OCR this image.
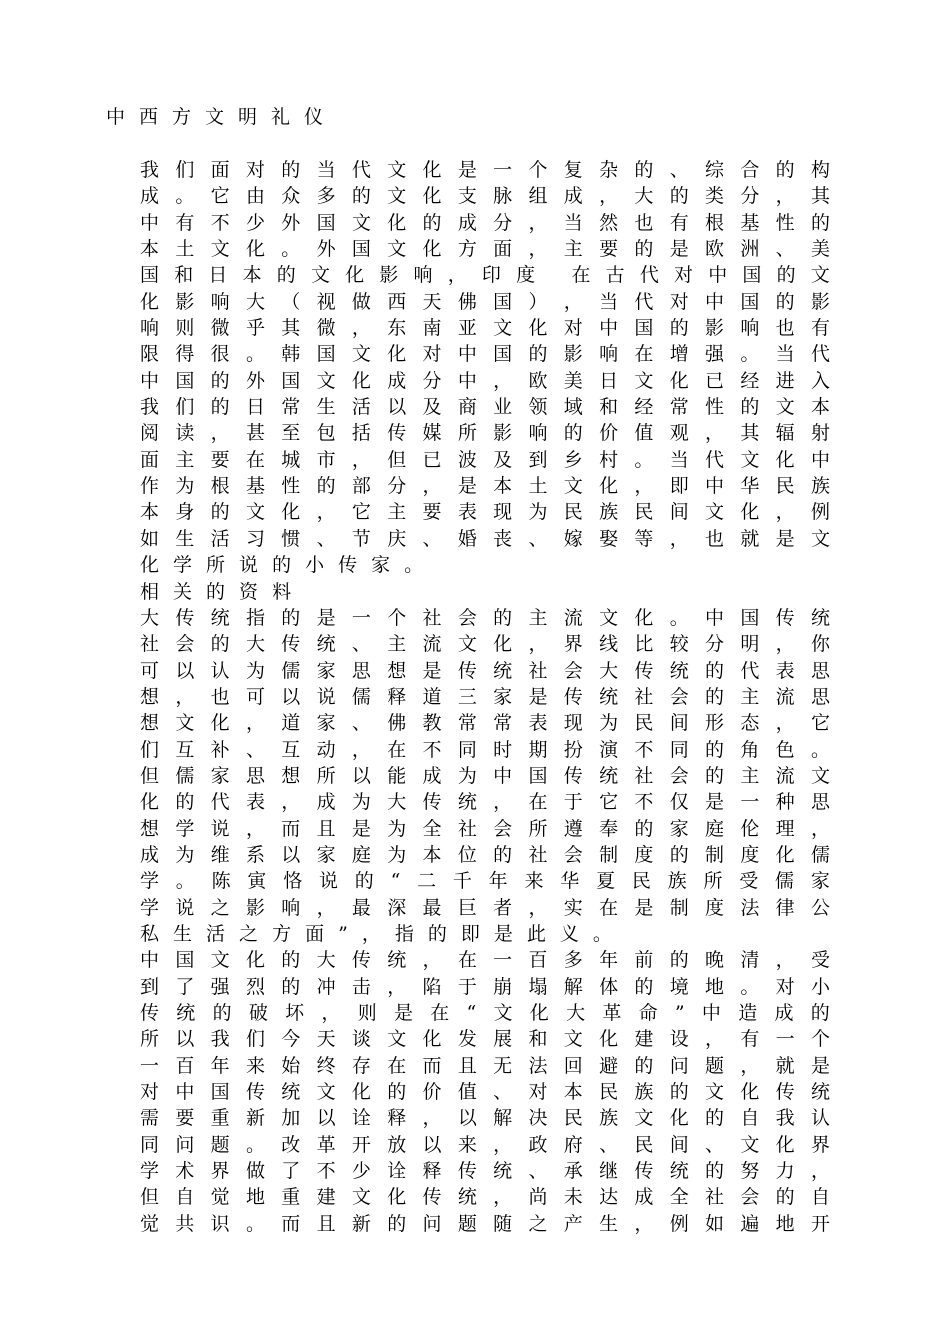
中西方文明礼仪
我 们 面 对 的 当 代 文 化 是 一 个 复 杂 的 、 综 合 的 构
成 。 它 由 众 多 的 文 化 支 脉 组 成 ， 大 的 类 分 ， 其
中 有 不 少 外 国 文 化 的 成 分 ， 当 然 也 有 根 基 性 的
本 土 文 化 。 外 国 文 化 方 面 ， 主 要 的 是 欧 洲 、 美
国 和 日 本 的 文 化 影 响 ， 印 度
在 古 代 对 中 国 的 文
化 影 响 大 （ 视 做 西 天 佛 国 ） ， 当 代 对 中 国 的 影
响 则 微 乎 其 微 ， 东 南 亚 文 化 对 中 国 的 影 响 也 有
限 得 很 。 韩 国 文 化 对 中 国 的 影 响 在 增 强 。 当 代
中 国 的 外 国 文 化 成 分 中 ， 欧 美 日 文 化 已 经 进 入
我 们 的 日 常 生 活 以 及 商 业 领 域 和 经 常 性 的 文 本
阅 读 ， 甚 至 包 括 传 媒 所 影 响 的 价 值 观 ， 其 辐 射
面 主 要 在 城 市 ， 但 已 波 及 到 乡 村 。 当 代 文 化 中
作 为 根 基 性 的 部 分 ， 是 本 土 文 化 ， 即 中 华 民 族
本 身 的 文 化 ， 它 主 要 表 现 为 民 族 民 间 文 化 ， 例
如 生 活 习 惯 、 节 庆 、 婚 丧 、 嫁 娶 等 ， 也 就 是 文
化 学 所 说 的 小 传 家 。
相 关 的 资 料
大 传 统 指 的 是 一 个 社 会 的 主 流 文 化 。 中 国 传 统
社 会 的 大 传 统 、 主 流 文 化 ， 界 线 比 较 分 明 ， 你
可 以 认 为 儒 家 思 想 是 传 统 社 会 大 传 统 的 代 表 思
想 ， 也 可 以 说 儒 释 道 三 家 是 传 统 社 会 的 主 流 思
想 文 化 ， 道 家 、 佛 教 常 常 表 现 为 民 间 形 态 ， 它
们 互 补 、 互 动 ， 在 不 同 时 期 扮 演 不 同 的 角 色 。
但 儒 家 思 想 所 以 能 成 为 中 国 传 统 社 会 的 主 流 文
化 的 代 表 ， 成 为 大 传 统 ， 在 于 它 不 仅 是 一 种 思
想 学 说 ， 而 且 是 为 全 社 会 所 遵 奉 的 家 庭 伦 理 ，
成 为 维 系 以 家 庭 为 本 位 的 社 会 制 度 的 制 度 化 儒
学 。 陈 寅 恪 说 的 “ 二 千 年 来 华 夏 民 族 所 受 儒 家
学 说 之 影 响 ， 最 深 最 巨 者 ， 实 在 是 制 度 法 律 公
私 生 活 之 方 面 ” ， 指 的 即 是 此 义 。
中 国 文 化 的 大 传 统 ， 在 一 百 多 年 前 的 晚 清 ， 受
到 了 强 烈 的 冲 击 ， 陷 于 崩 塌 解 体 的 境 地 。 对 小
传 统 的 破 坏 ， 则 是 在 “ 文 化 大 革 命 ” 中 造 成 的
所 以 我 们 今 天 谈 文 化 发 展 和 文 化 建 设 ， 有 一 个
一 百 年 来 始 终 存 在 而 且 无 法 回 避 的 问 题 ， 就 是
对 中 国 传 统 文 化 的 价 值 、 对 本 民 族 的 文 化 传 统
需 要 重 新 加 以 诠 释 ， 以 解 决 民 族 文 化 的 自 我 认
同 问 题 。 改 革 开 放 以 来 ， 政 府 、 民 间 、 文 化 界
学 术 界 做 了 不 少 诠 释 传 统 、 承 继 传 统 的 努 力 ，
但 自 觉 地 重 建 文 化 传 统 ， 尚 未 达 成 全 社 会 的 自
觉 共 识 。 而 且 新 的 问 题 随 之 产 生 ， 例 如 遍 地 开
